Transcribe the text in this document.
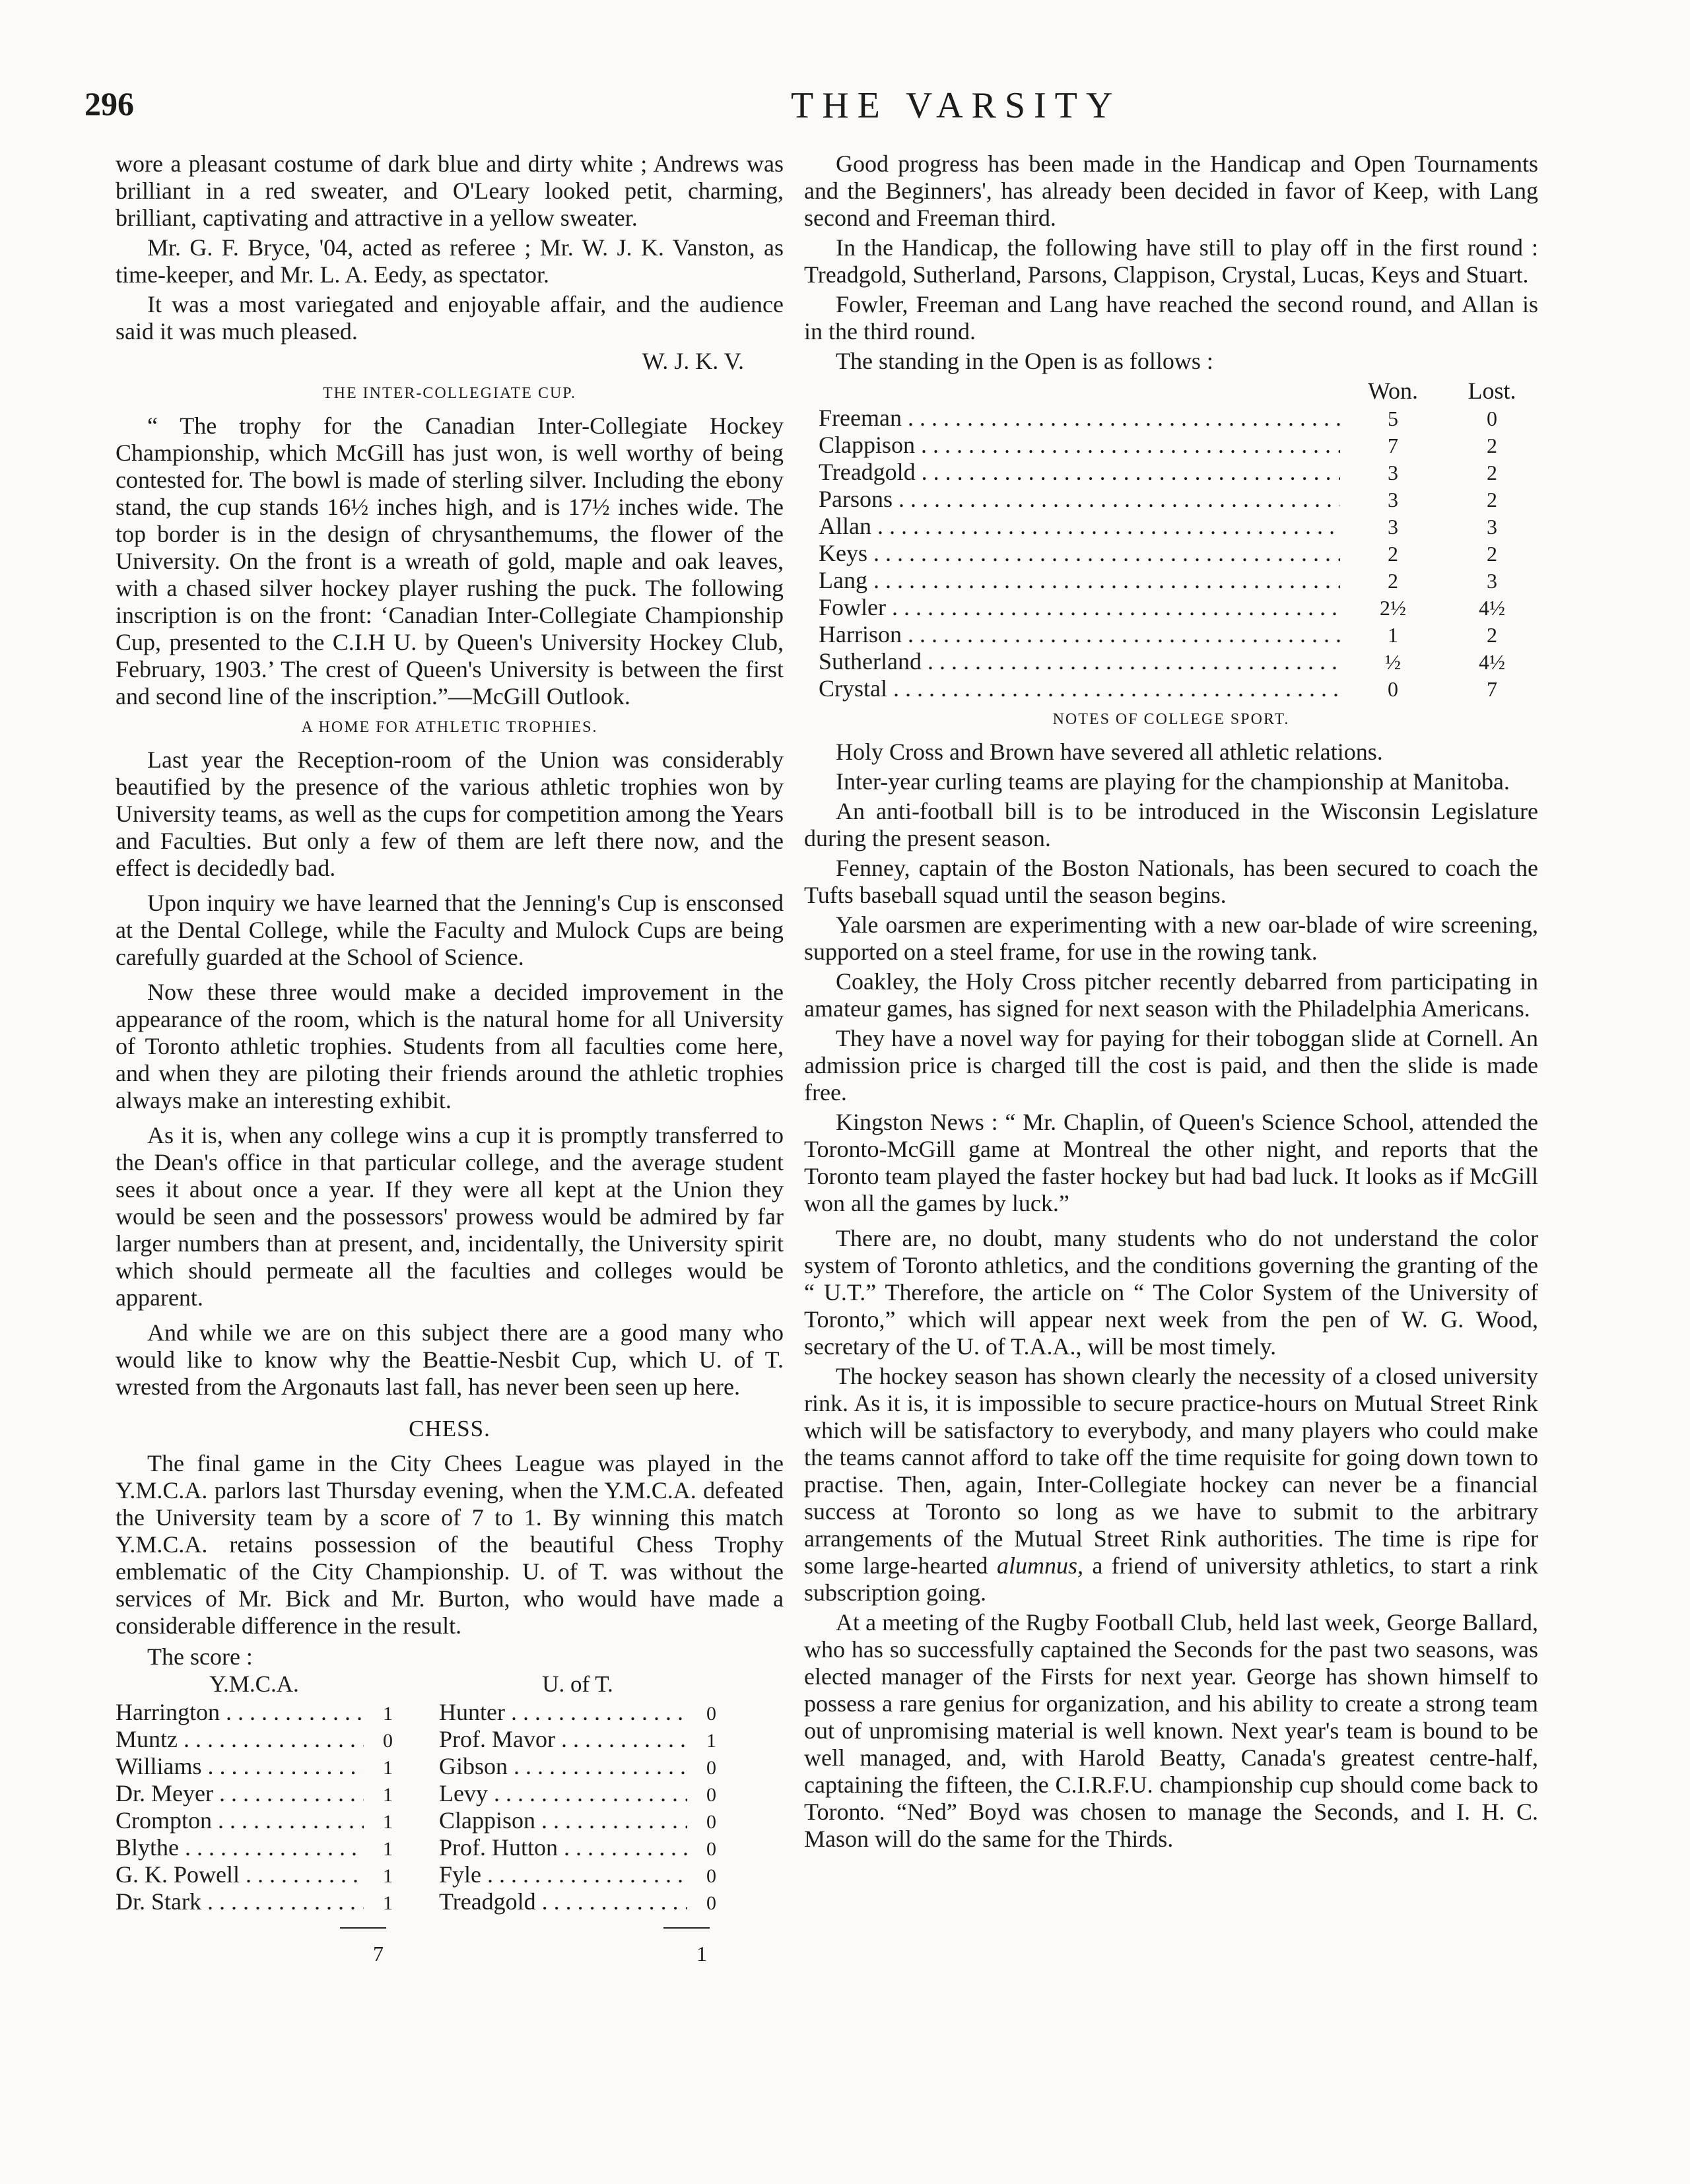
296	THE VARSITY

wore a pleasant costume of dark blue and dirty white ; Andrews was brilliant in a red sweater, and O'Leary looked petit, charming, brilliant, captivating and attractive in a yellow sweater.

Mr. G. F. Bryce, '04, acted as referee ; Mr. W. J. K. Vanston, as time-keeper, and Mr. L. A. Eedy, as spectator.

It was a most variegated and enjoyable affair, and the audience said it was much pleased.

W. J. K. V.

THE INTER-COLLEGIATE CUP.

“ The trophy for the Canadian Inter-Collegiate Hockey Championship, which McGill has just won, is well worthy of being contested for. The bowl is made of sterling silver. Including the ebony stand, the cup stands 16½ inches high, and is 17½ inches wide. The top border is in the design of chrysanthemums, the flower of the University. On the front is a wreath of gold, maple and oak leaves, with a chased silver hockey player rushing the puck. The following inscription is on the front: ‘Canadian Inter-Collegiate Championship Cup, presented to the C.I.H U. by Queen's University Hockey Club, February, 1903.’ The crest of Queen's University is between the first and second line of the inscription.”—McGill Outlook.

A HOME FOR ATHLETIC TROPHIES.

Last year the Reception-room of the Union was considerably beautified by the presence of the various athletic trophies won by University teams, as well as the cups for competition among the Years and Faculties. But only a few of them are left there now, and the effect is decidedly bad.

Upon inquiry we have learned that the Jenning's Cup is ensconsed at the Dental College, while the Faculty and Mulock Cups are being carefully guarded at the School of Science.

Now these three would make a decided improvement in the appearance of the room, which is the natural home for all University of Toronto athletic trophies. Students from all faculties come here, and when they are piloting their friends around the athletic trophies always make an interesting exhibit.

As it is, when any college wins a cup it is promptly transferred to the Dean's office in that particular college, and the average student sees it about once a year. If they were all kept at the Union they would be seen and the possessors' prowess would be admired by far larger numbers than at present, and, incidentally, the University spirit which should permeate all the faculties and colleges would be apparent.

And while we are on this subject there are a good many who would like to know why the Beattie-Nesbit Cup, which U. of T. wrested from the Argonauts last fall, has never been seen up here.

CHESS.

The final game in the City Chees League was played in the Y.M.C.A. parlors last Thursday evening, when the Y.M.C.A. defeated the University team by a score of 7 to 1. By winning this match Y.M.C.A. retains possession of the beautiful Chess Trophy emblematic of the City Championship. U. of T. was without the services of Mr. Bick and Mr. Burton, who would have made a considerable difference in the result.

The score :

Y.M.C.A.
Harrington . . .	1
Muntz . . .	0
Williams . . .	1
Dr. Meyer . . .	1
Crompton . . .	1
Blythe . . .	1
G. K. Powell . . .	1
Dr. Stark . . .	1
7
U. of T.
Hunter . . .	0
Prof. Mavor . . .	1
Gibson . . .	0
Levy . . .	0
Clappison . . .	0
Prof. Hutton . . .	0
Fyle . . .	0
Treadgold . . .	0
1

Good progress has been made in the Handicap and Open Tournaments and the Beginners', has already been decided in favor of Keep, with Lang second and Freeman third.

In the Handicap, the following have still to play off in the first round : Treadgold, Sutherland, Parsons, Clappison, Crystal, Lucas, Keys and Stuart.

Fowler, Freeman and Lang have reached the second round, and Allan is in the third round.

The standing in the Open is as follows :

Won.	Lost.
Freeman . . .	5	0
Clappison . . .	7	2
Treadgold . . .	3	2
Parsons . . .	3	2
Allan . . .	3	3
Keys . . .	2	2
Lang . . .	2	3
Fowler . . .	2½	4½
Harrison . . .	1	2
Sutherland . . .	½	4½
Crystal . . .	0	7
NOTES OF COLLEGE SPORT.

Holy Cross and Brown have severed all athletic relations.

Inter-year curling teams are playing for the championship at Manitoba.

An anti-football bill is to be introduced in the Wisconsin Legislature during the present season.

Fenney, captain of the Boston Nationals, has been secured to coach the Tufts baseball squad until the season begins.

Yale oarsmen are experimenting with a new oar-blade of wire screening, supported on a steel frame, for use in the rowing tank.

Coakley, the Holy Cross pitcher recently debarred from participating in amateur games, has signed for next season with the Philadelphia Americans.

They have a novel way for paying for their toboggan slide at Cornell. An admission price is charged till the cost is paid, and then the slide is made free.

Kingston News : “ Mr. Chaplin, of Queen's Science School, attended the Toronto-McGill game at Montreal the other night, and reports that the Toronto team played the faster hockey but had bad luck. It looks as if McGill won all the games by luck.”

There are, no doubt, many students who do not understand the color system of Toronto athletics, and the conditions governing the granting of the “ U.T.” Therefore, the article on “ The Color System of the University of Toronto,” which will appear next week from the pen of W. G. Wood, secretary of the U. of T.A.A., will be most timely.

The hockey season has shown clearly the necessity of a closed university rink. As it is, it is impossible to secure practice-hours on Mutual Street Rink which will be satisfactory to everybody, and many players who could make the teams cannot afford to take off the time requisite for going down town to practise. Then, again, Inter-Collegiate hockey can never be a financial success at Toronto so long as we have to submit to the arbitrary arrangements of the Mutual Street Rink authorities. The time is ripe for some large-hearted alumnus, a friend of university athletics, to start a rink subscription going.

At a meeting of the Rugby Football Club, held last week, George Ballard, who has so successfully captained the Seconds for the past two seasons, was elected manager of the Firsts for next year. George has shown himself to possess a rare genius for organization, and his ability to create a strong team out of unpromising material is well known. Next year's team is bound to be well managed, and, with Harold Beatty, Canada's greatest centre-half, captaining the fifteen, the C.I.R.F.U. championship cup should come back to Toronto. “Ned” Boyd was chosen to manage the Seconds, and I. H. C. Mason will do the same for the Thirds.
